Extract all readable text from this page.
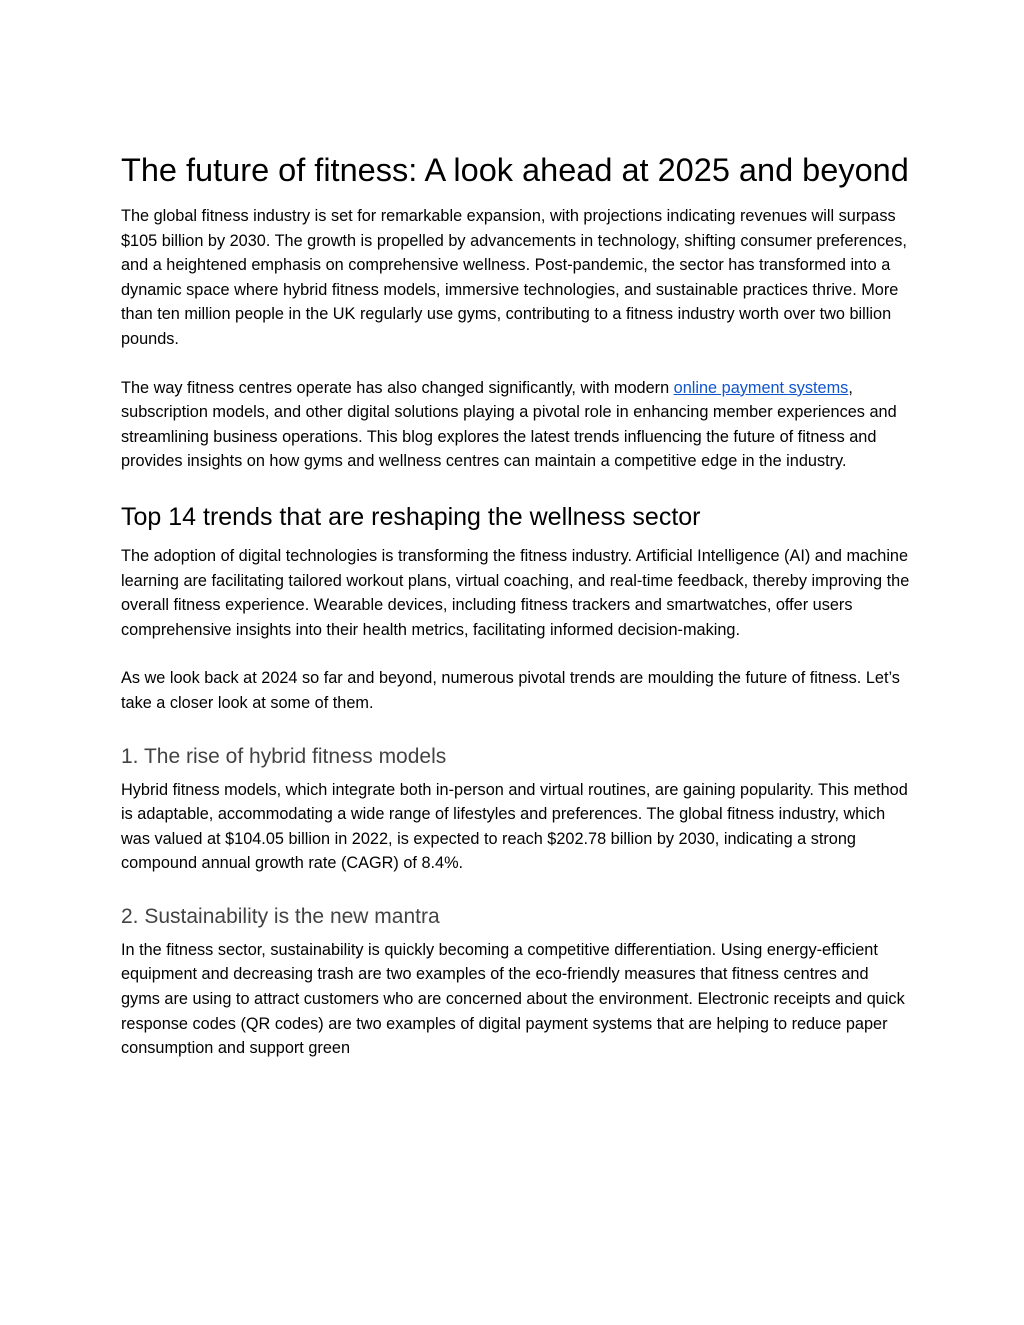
The future of fitness: A look ahead at 2025 and beyond

The global fitness industry is set for remarkable expansion, with projections indicating revenues will surpass $105 billion by 2030. The growth is propelled by advancements in technology, shifting consumer preferences, and a heightened emphasis on comprehensive wellness. Post-pandemic, the sector has transformed into a dynamic space where hybrid fitness models, immersive technologies, and sustainable practices thrive. More than ten million people in the UK regularly use gyms, contributing to a fitness industry worth over two billion pounds.

The way fitness centres operate has also changed significantly, with modern online payment systems, subscription models, and other digital solutions playing a pivotal role in enhancing member experiences and streamlining business operations. This blog explores the latest trends influencing the future of fitness and provides insights on how gyms and wellness centres can maintain a competitive edge in the industry.

Top 14 trends that are reshaping the wellness sector

The adoption of digital technologies is transforming the fitness industry. Artificial Intelligence (AI) and machine learning are facilitating tailored workout plans, virtual coaching, and real-time feedback, thereby improving the overall fitness experience. Wearable devices, including fitness trackers and smartwatches, offer users comprehensive insights into their health metrics, facilitating informed decision-making.

As we look back at 2024 so far and beyond, numerous pivotal trends are moulding the future of fitness. Let’s take a closer look at some of them.

1. The rise of hybrid fitness models

Hybrid fitness models, which integrate both in-person and virtual routines, are gaining popularity. This method is adaptable, accommodating a wide range of lifestyles and preferences. The global fitness industry, which was valued at $104.05 billion in 2022, is expected to reach $202.78 billion by 2030, indicating a strong compound annual growth rate (CAGR) of 8.4%.

2. Sustainability is the new mantra

In the fitness sector, sustainability is quickly becoming a competitive differentiation. Using energy-efficient equipment and decreasing trash are two examples of the eco-friendly measures that fitness centres and gyms are using to attract customers who are concerned about the environment. Electronic receipts and quick response codes (QR codes) are two examples of digital payment systems that are helping to reduce paper consumption and support green
